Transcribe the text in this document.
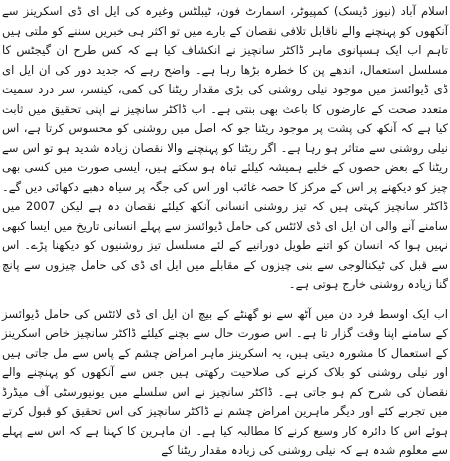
اسلام آباد (نیوز ڈیسک) کمپیوٹر، اسمارٹ فون، ٹیبلٹس وغیرہ کی ایل ای ڈی اسکرینز سے آنکھوں کو پہنچنے والے ناقابل تلافی نقصان کے بارے میں تو اکثر ہی خبریں سننے کو ملتی ہیں تاہم اب ایک ہسپانوی ماہر ڈاکٹر سانچیز نے انکشاف کیا ہے کہ کس طرح ان گیجٹس کا مسلسل استعمال، اندھے پن کا خطرہ بڑھا رہا ہے۔ واضح رہے کہ جدید دور کی ان ایل ای ڈی ڈیوائسز میں موجود نیلی روشنی کی بڑی مقدار ریٹنا کی کمی، کینسر، سر درد سمیت متعدد صحت کے عارضوں کا باعث بھی بنتی ہے۔ اب ڈاکٹر سانچیز نے اپنی تحقیق میں ثابت کیا ہے کہ آنکھ کی پشت پر موجود ریٹنا جو کہ اصل میں روشنی کو محسوس کرتا ہے، اس نیلی روشنی سے متاثر ہو رہا ہے۔ اگر ریٹنا کو پہنچنے والا نقصان زیادہ شدید ہو تو اس سے ریٹنا کے بعض حصوں کے خلیے ہمیشہ کیلئے تباہ ہو سکتے ہیں، ایسی صورت میں کسی بھی چیز کو دیکھنے پر اس کے مرکز کا حصہ غائب اور اس کی جگہ پر سیاہ دھبے دکھائی دیں گے۔ ڈاکٹر سانچیز کہتی ہیں کہ تیز روشنی انسانی آنکھ کیلئے نقصان دہ ہے لیکن 2007 میں سامنے آنے والی ان ایل ای ڈی لائٹس کی حامل ڈیوائسز سے پہلے انسانی تاریخ میں ایسا کبھی نہیں ہوا کہ انسان کو اتنے طویل دورانیے کے لئے مسلسل تیز روشنیوں کو دیکھنا پڑے۔ اس سے قبل کی ٹیکنالوجی سے بنی چیزوں کے مقابلے میں ایل ای ڈی کی حامل چیزوں سے پانچ گنا زیادہ روشنی خارج ہوتی ہے۔

اب ایک اوسط فرد دن میں آٹھ سے نو گھنٹے کے بیچ ان ایل ای ڈی لائٹس کی حامل ڈیوائسز کے سامنے اپنا وقت گزار تا ہے۔ اس صورت حال سے بچنے کیلئے ڈاکٹر سانچیز خاص اسکرینز کے استعمال کا مشورہ دیتی ہیں، یہ اسکرینز ماہر امراض چشم کے پاس سے مل جاتی ہیں اور نیلی روشنی کو بلاک کرنے کی صلاحیت رکھتی ہیں جس سے آنکھوں کو پہنچنے والے نقصان کی شرح کم ہو جاتی ہے۔ ڈاکٹر سانچیز نے اس سلسلے میں یونیورسٹی آف میڈرڈ میں تجربے کئے اور دیگر ماہرین امراض چشم نے ڈاکٹر سانچیز کی اس تحقیق کو قبول کرتے ہوئے اس کا دائرہ کار وسیع کرنے کا مطالبہ کیا ہے۔ ان ماہرین کا کہنا ہے کہ اس سے پہلے سے معلوم شدہ ہے کہ نیلی روشنی کی زیادہ مقدار ریٹنا کے
